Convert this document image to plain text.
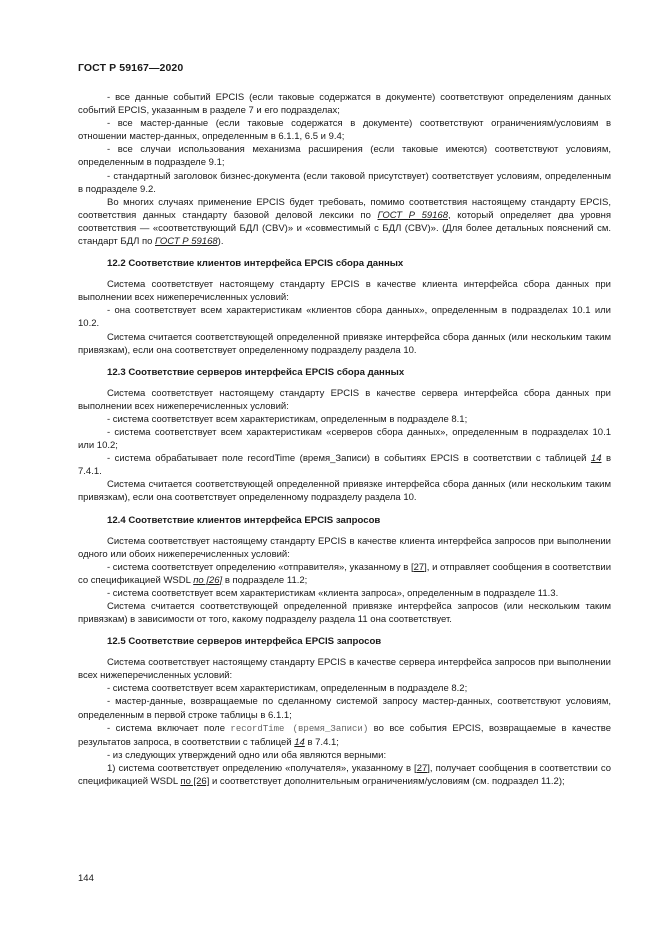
ГОСТ Р 59167—2020

- все данные событий EPCIS (если таковые содержатся в документе) соответствуют определениям данных событий EPCIS, указанным в разделе 7 и его подразделах;

- все мастер-данные (если таковые содержатся в документе) соответствуют ограничениям/условиям в отношении мастер-данных, определенным в 6.1.1, 6.5 и 9.4;

- все случаи использования механизма расширения (если таковые имеются) соответствуют условиям, определенным в подразделе 9.1;

- стандартный заголовок бизнес-документа (если таковой присутствует) соответствует условиям, определенным в подразделе 9.2.

Во многих случаях применение EPCIS будет требовать, помимо соответствия настоящему стандарту EPCIS, соответствия данных стандарту базовой деловой лексики по ГОСТ Р 59168, который определяет два уровня соответствия — «соответствующий БДЛ (CBV)» и «совместимый с БДЛ (CBV)». (Для более детальных пояснений см. стандарт БДЛ по ГОСТ Р 59168).

12.2 Соответствие клиентов интерфейса EPCIS сбора данных

Система соответствует настоящему стандарту EPCIS в качестве клиента интерфейса сбора данных при выполнении всех нижеперечисленных условий:

- она соответствует всем характеристикам «клиентов сбора данных», определенным в подразделах 10.1 или 10.2.

Система считается соответствующей определенной привязке интерфейса сбора данных (или нескольким таким привязкам), если она соответствует определенному подразделу раздела 10.

12.3 Соответствие серверов интерфейса EPCIS сбора данных

Система соответствует настоящему стандарту EPCIS в качестве сервера интерфейса сбора данных при выполнении всех нижеперечисленных условий:

- система соответствует всем характеристикам, определенным в подразделе 8.1;

- система соответствует всем характеристикам «серверов сбора данных», определенным в подразделах 10.1 или 10.2;

- система обрабатывает поле recordTime (время_Записи) в событиях EPCIS в соответствии с таблицей 14 в 7.4.1.

Система считается соответствующей определенной привязке интерфейса сбора данных (или нескольким таким привязкам), если она соответствует определенному подразделу раздела 10.

12.4 Соответствие клиентов интерфейса EPCIS запросов

Система соответствует настоящему стандарту EPCIS в качестве клиента интерфейса запросов при выполнении одного или обоих нижеперечисленных условий:

- система соответствует определению «отправителя», указанному в [27], и отправляет сообщения в соответствии со спецификацией WSDL по [26] в подразделе 11.2;

- система соответствует всем характеристикам «клиента запроса», определенным в подразделе 11.3.

Система считается соответствующей определенной привязке интерфейса запросов (или нескольким таким привязкам) в зависимости от того, какому подразделу раздела 11 она соответствует.

12.5 Соответствие серверов интерфейса EPCIS запросов

Система соответствует настоящему стандарту EPCIS в качестве сервера интерфейса запросов при выполнении всех нижеперечисленных условий:

- система соответствует всем характеристикам, определенным в подразделе 8.2;

- мастер-данные, возвращаемые по сделанному системой запросу мастер-данных, соответствуют условиям, определенным в первой строке таблицы в 6.1.1;

- система включает поле recordTime (время_Записи) во все события EPCIS, возвращаемые в качестве результатов запроса, в соответствии с таблицей 14 в 7.4.1;

- из следующих утверждений одно или оба являются верными:

1) система соответствует определению «получателя», указанному в [27], получает сообщения в соответствии со спецификацией WSDL по [26] и соответствует дополнительным ограничениям/условиям (см. подраздел 11.2);

144
